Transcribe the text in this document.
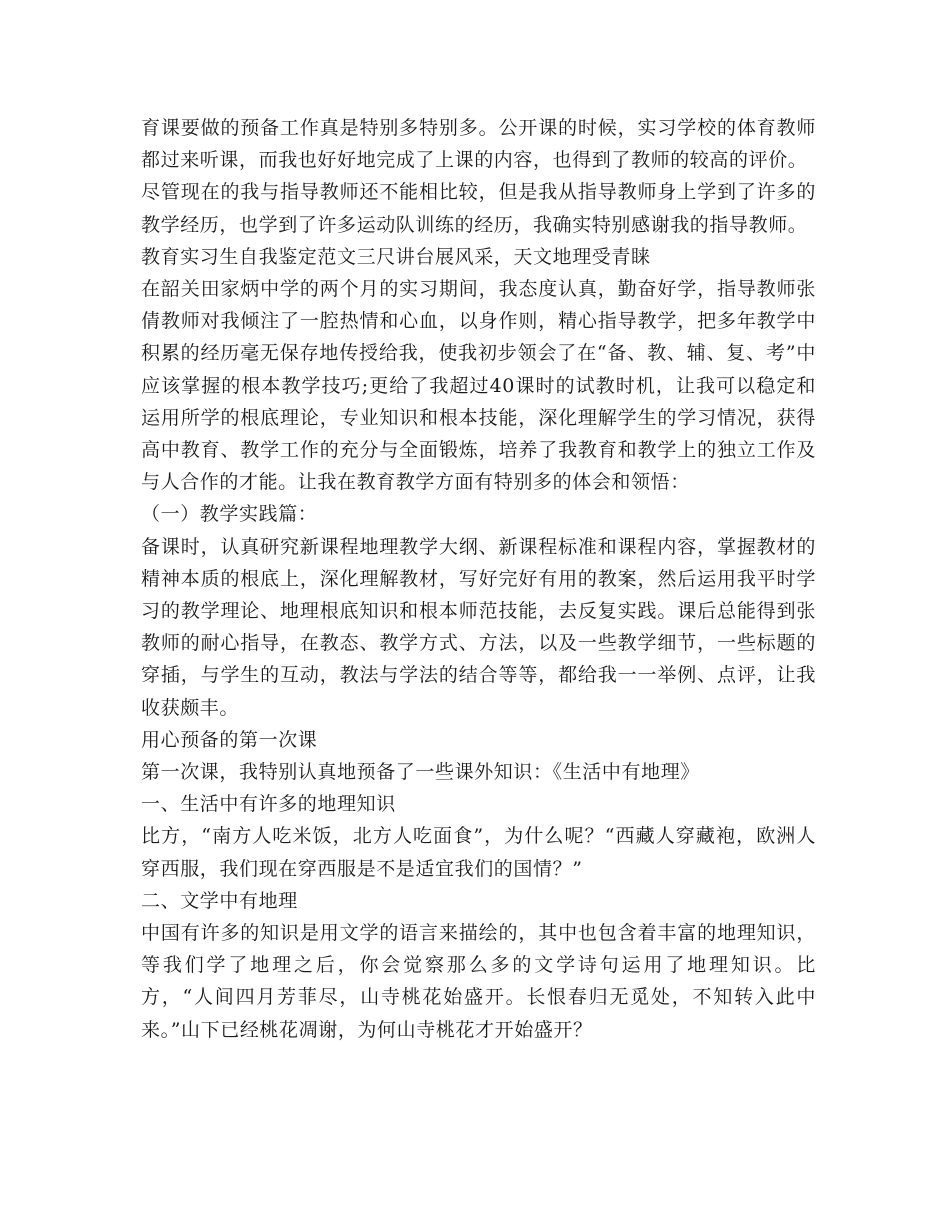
育课要做的预备工作真是特别多特别多。公开课的时候，实习学校的体育教师都过来听课，而我也好好地完成了上课的内容，也得到了教师的较高的评价。

尽管现在的我与指导教师还不能相比较，但是我从指导教师身上学到了许多的教学经历，也学到了许多运动队训练的经历，我确实特别感谢我的指导教师。

教育实习生自我鉴定范文三尺讲台展风采，天文地理受青睐

在韶关田家炳中学的两个月的实习期间，我态度认真，勤奋好学，指导教师张倩教师对我倾注了一腔热情和心血，以身作则，精心指导教学，把多年教学中积累的经历毫无保存地传授给我，使我初步领会了在“备、教、辅、复、考”中应该掌握的根本教学技巧;更给了我超过40课时的试教时机，让我可以稳定和运用所学的根底理论，专业知识和根本技能，深化理解学生的学习情况，获得高中教育、教学工作的充分与全面锻炼，培养了我教育和教学上的独立工作及与人合作的才能。让我在教育教学方面有特别多的体会和领悟：

（一）教学实践篇：

备课时，认真研究新课程地理教学大纲、新课程标准和课程内容，掌握教材的精神本质的根底上，深化理解教材，写好完好有用的教案，然后运用我平时学习的教学理论、地理根底知识和根本师范技能，去反复实践。课后总能得到张教师的耐心指导，在教态、教学方式、方法，以及一些教学细节，一些标题的穿插，与学生的互动，教法与学法的结合等等，都给我一一举例、点评，让我收获颇丰。

用心预备的第一次课

第一次课，我特别认真地预备了一些课外知识：《生活中有地理》

一、生活中有许多的地理知识

比方，“南方人吃米饭，北方人吃面食”，为什么呢？“西藏人穿藏袍，欧洲人穿西服，我们现在穿西服是不是适宜我们的国情？”

二、文学中有地理

中国有许多的知识是用文学的语言来描绘的，其中也包含着丰富的地理知识，等我们学了地理之后，你会觉察那么多的文学诗句运用了地理知识。比方，“人间四月芳菲尽，山寺桃花始盛开。长恨春归无觅处，不知转入此中来。”山下已经桃花凋谢，为何山寺桃花才开始盛开？
